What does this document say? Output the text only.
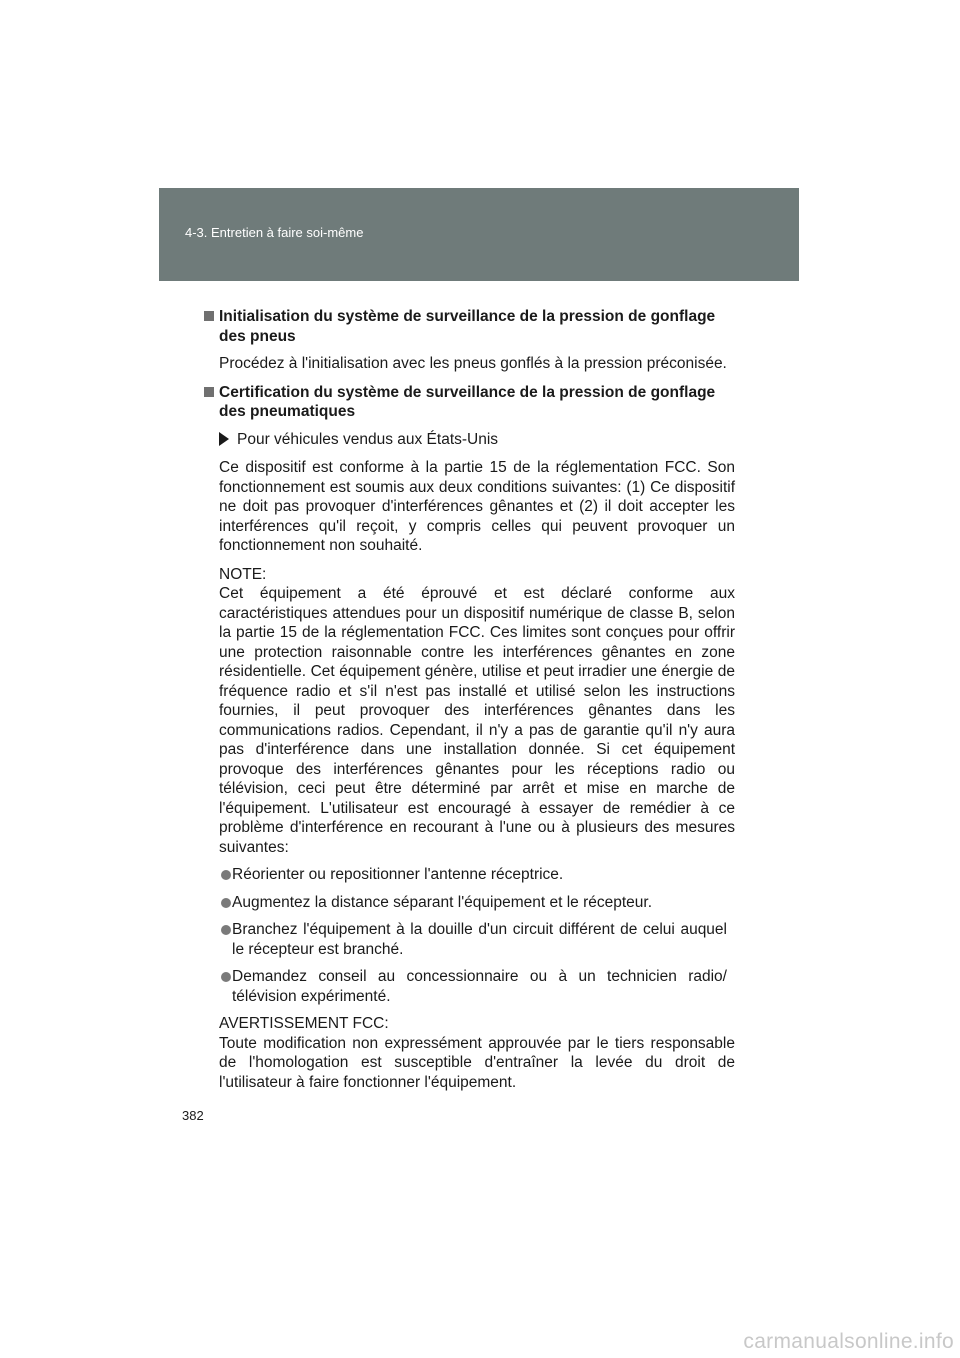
4-3. Entretien à faire soi-même
Initialisation du système de surveillance de la pression de gonflage des pneus
Procédez à l'initialisation avec les pneus gonflés à la pression préconisée.
Certification du système de surveillance de la pression de gonflage des pneumatiques
Pour véhicules vendus aux États-Unis
Ce dispositif est conforme à la partie 15 de la réglementation FCC. Son fonctionnement est soumis aux deux conditions suivantes: (1) Ce dispositif ne doit pas provoquer d'interférences gênantes et (2) il doit accepter les interférences qu'il reçoit, y compris celles qui peuvent provoquer un fonctionnement non souhaité.
NOTE:
Cet équipement a été éprouvé et est déclaré conforme aux caractéristiques attendues pour un dispositif numérique de classe B, selon la partie 15 de la réglementation FCC. Ces limites sont conçues pour offrir une protection raisonnable contre les interférences gênantes en zone résidentielle. Cet équipement génère, utilise et peut irradier une énergie de fréquence radio et s'il n'est pas installé et utilisé selon les instructions fournies, il peut provoquer des interférences gênantes dans les communications radios. Cependant, il n'y a pas de garantie qu'il n'y aura pas d'interférence dans une installation donnée. Si cet équipement provoque des interférences gênantes pour les réceptions radio ou télévision, ceci peut être déterminé par arrêt et mise en marche de l'équipement. L'utilisateur est encouragé à essayer de remédier à ce problème d'interférence en recourant à l'une ou à plusieurs des mesures suivantes:
Réorienter ou repositionner l'antenne réceptrice.
Augmentez la distance séparant l'équipement et le récepteur.
Branchez l'équipement à la douille d'un circuit différent de celui auquel le récepteur est branché.
Demandez conseil au concessionnaire ou à un technicien radio/ télévision expérimenté.
AVERTISSEMENT FCC:
Toute modification non expressément approuvée par le tiers responsable de l'homologation est susceptible d'entraîner la levée du droit de l'utilisateur à faire fonctionner l'équipement.
382
carmanualsonline.info
